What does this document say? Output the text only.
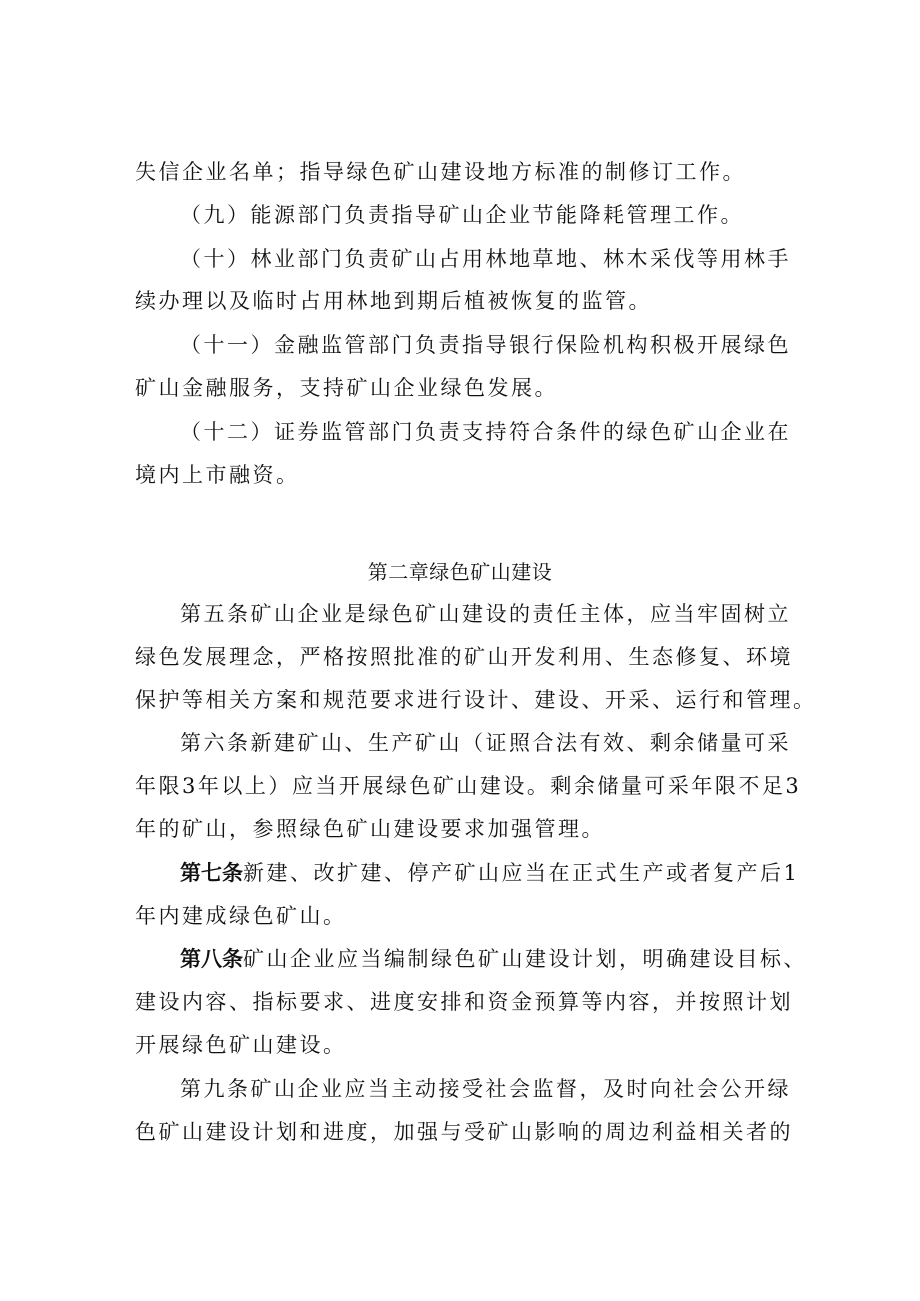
失信企业名单；指导绿色矿山建设地方标准的制修订工作。
（九）能源部门负责指导矿山企业节能降耗管理工作。
（十）林业部门负责矿山占用林地草地、林木采伐等用林手
续办理以及临时占用林地到期后植被恢复的监管。
（十一）金融监管部门负责指导银行保险机构积极开展绿色
矿山金融服务，支持矿山企业绿色发展。
（十二）证券监管部门负责支持符合条件的绿色矿山企业在
境内上市融资。
第二章绿色矿山建设
第五条矿山企业是绿色矿山建设的责任主体，应当牢固树立
绿色发展理念，严格按照批准的矿山开发利用、生态修复、环境
保护等相关方案和规范要求进行设计、建设、开采、运行和管理。
第六条新建矿山、生产矿山（证照合法有效、剩余储量可采
年限3年以上）应当开展绿色矿山建设。剩余储量可采年限不足3
年的矿山，参照绿色矿山建设要求加强管理。
第七条新建、改扩建、停产矿山应当在正式生产或者复产后1
年内建成绿色矿山。
第八条矿山企业应当编制绿色矿山建设计划，明确建设目标、
建设内容、指标要求、进度安排和资金预算等内容，并按照计划
开展绿色矿山建设。
第九条矿山企业应当主动接受社会监督，及时向社会公开绿
色矿山建设计划和进度，加强与受矿山影响的周边利益相关者的
